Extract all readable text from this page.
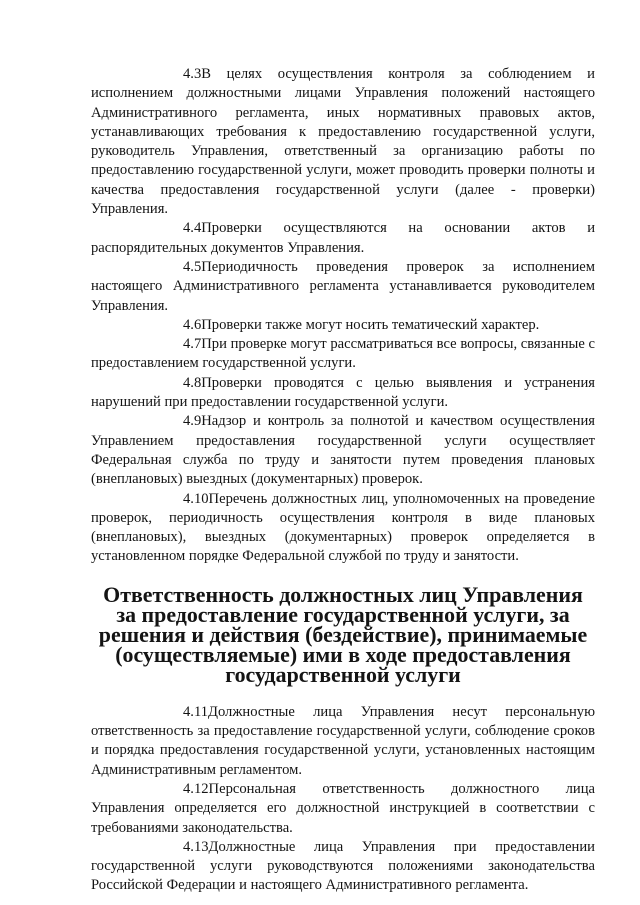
4.3В целях осуществления контроля за соблюдением и исполнением должностными лицами Управления положений настоящего Административного регламента, иных нормативных правовых актов, устанавливающих требования к предоставлению государственной услуги, руководитель Управления, ответственный за организацию работы по предоставлению государственной услуги, может проводить проверки полноты и качества предоставления государственной услуги (далее - проверки) Управления.

4.4Проверки осуществляются на основании актов и распорядительных документов Управления.

4.5Периодичность проведения проверок за исполнением настоящего Административного регламента устанавливается руководителем Управления.

4.6Проверки также могут носить тематический характер.

4.7При проверке могут рассматриваться все вопросы, связанные с предоставлением государственной услуги.

4.8Проверки проводятся с целью выявления и устранения нарушений при предоставлении государственной услуги.

4.9Надзор и контроль за полнотой и качеством осуществления Управлением предоставления государственной услуги осуществляет Федеральная служба по труду и занятости путем проведения плановых (внеплановых) выездных (документарных) проверок.

4.10Перечень должностных лиц, уполномоченных на проведение проверок, периодичность осуществления контроля в виде плановых (внеплановых), выездных (документарных) проверок определяется в установленном порядке Федеральной службой по труду и занятости.

Ответственность должностных лиц Управления за предоставление государственной услуги, за решения и действия (бездействие), принимаемые (осуществляемые) ими в ходе предоставления государственной услуги

4.11Должностные лица Управления несут персональную ответственность за предоставление государственной услуги, соблюдение сроков и порядка предоставления государственной услуги, установленных настоящим Административным регламентом.

4.12Персональная ответственность должностного лица Управления определяется его должностной инструкцией в соответствии с требованиями законодательства.

4.13Должностные лица Управления при предоставлении государственной услуги руководствуются положениями законодательства Российской Федерации и настоящего Административного регламента.
